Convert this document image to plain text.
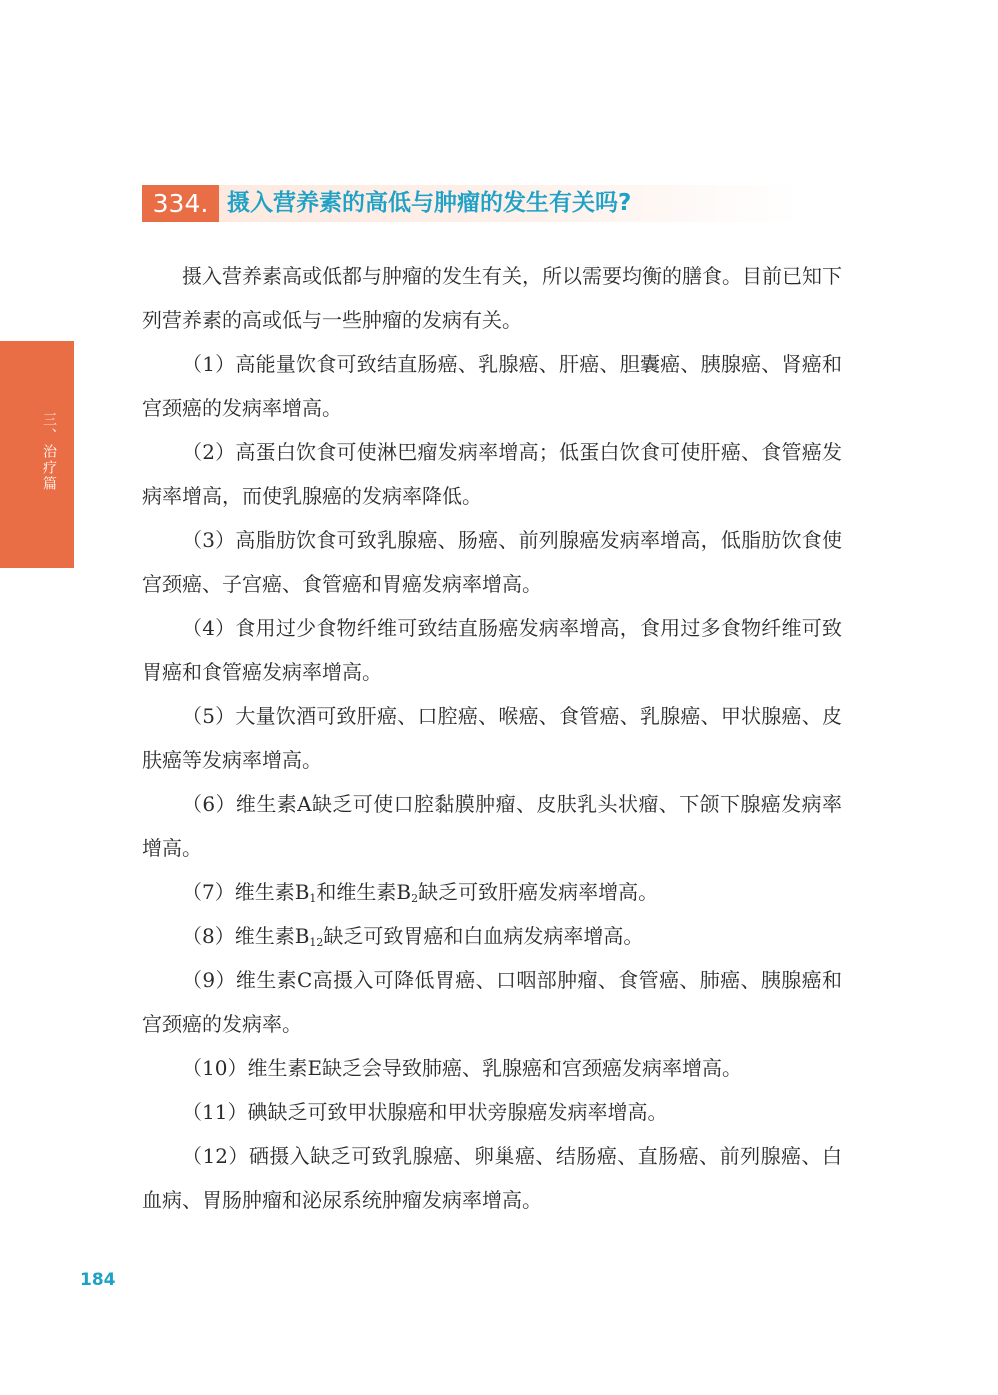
三、治疗篇
334. 摄入营养素的高低与肿瘤的发生有关吗?

摄入营养素高或低都与肿瘤的发生有关，所以需要均衡的膳食。目前已知下列营养素的高或低与一些肿瘤的发病有关。

（1）高能量饮食可致结直肠癌、乳腺癌、肝癌、胆囊癌、胰腺癌、肾癌和宫颈癌的发病率增高。

（2）高蛋白饮食可使淋巴瘤发病率增高；低蛋白饮食可使肝癌、食管癌发病率增高，而使乳腺癌的发病率降低。

（3）高脂肪饮食可致乳腺癌、肠癌、前列腺癌发病率增高，低脂肪饮食使宫颈癌、子宫癌、食管癌和胃癌发病率增高。

（4）食用过少食物纤维可致结直肠癌发病率增高，食用过多食物纤维可致胃癌和食管癌发病率增高。

（5）大量饮酒可致肝癌、口腔癌、喉癌、食管癌、乳腺癌、甲状腺癌、皮肤癌等发病率增高。

（6）维生素A缺乏可使口腔黏膜肿瘤、皮肤乳头状瘤、下颌下腺癌发病率增高。

（7）维生素$B_1$和维生素$B_2$缺乏可致肝癌发病率增高。

（8）维生素$B_{12}$缺乏可致胃癌和白血病发病率增高。

（9）维生素C高摄入可降低胃癌、口咽部肿瘤、食管癌、肺癌、胰腺癌和宫颈癌的发病率。

（10）维生素E缺乏会导致肺癌、乳腺癌和宫颈癌发病率增高。

（11）碘缺乏可致甲状腺癌和甲状旁腺癌发病率增高。

（12）硒摄入缺乏可致乳腺癌、卵巢癌、结肠癌、直肠癌、前列腺癌、白血病、胃肠肿瘤和泌尿系统肿瘤发病率增高。

184
